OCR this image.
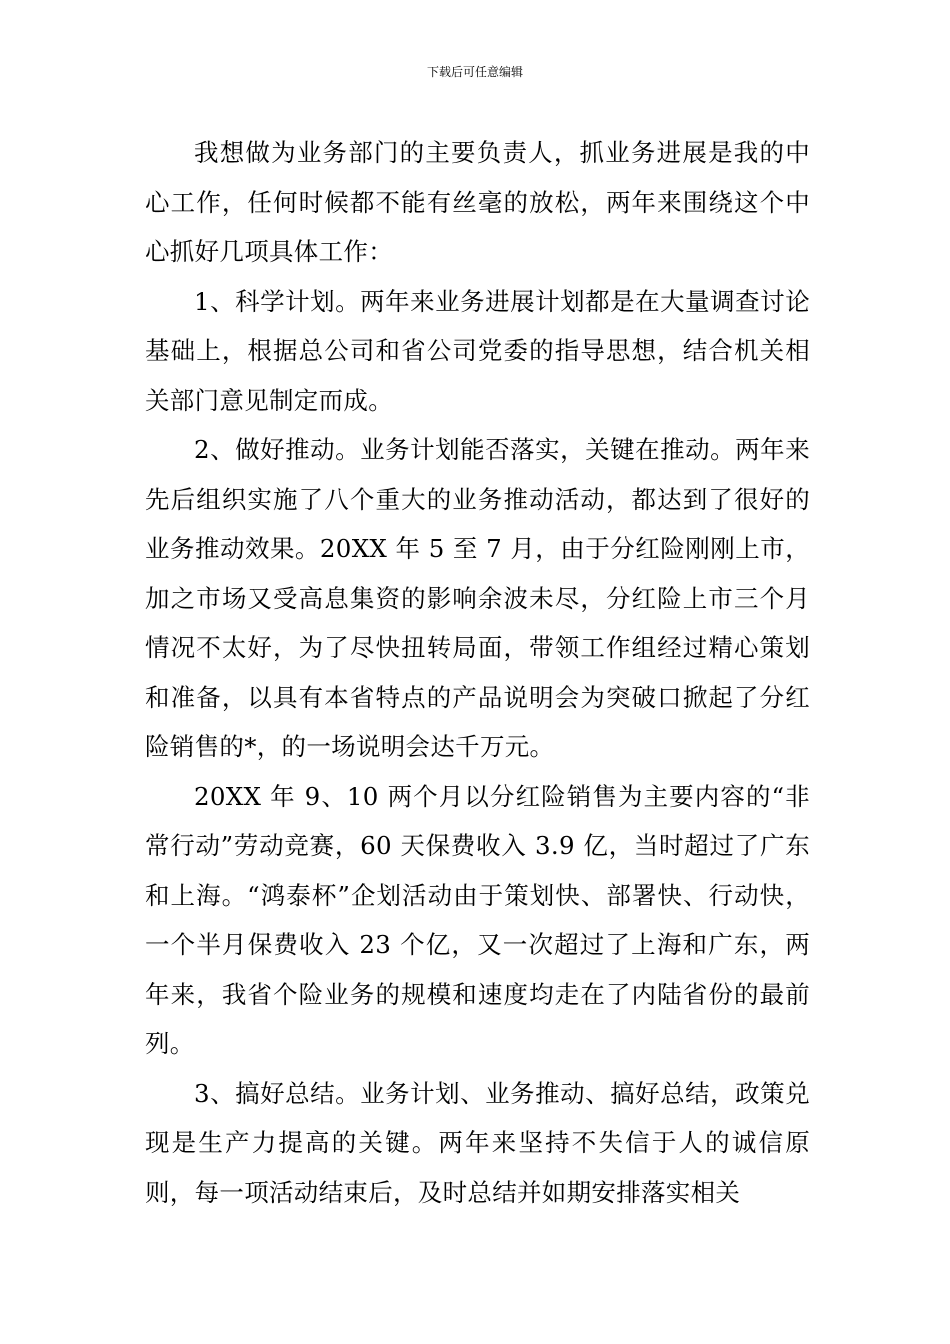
下载后可任意编辑

我想做为业务部门的主要负责人，抓业务进展是我的中心工作，任何时候都不能有丝毫的放松，两年来围绕这个中心抓好几项具体工作：

1、科学计划。两年来业务进展计划都是在大量调查讨论基础上，根据总公司和省公司党委的指导思想，结合机关相关部门意见制定而成。

2、做好推动。业务计划能否落实，关键在推动。两年来先后组织实施了八个重大的业务推动活动，都达到了很好的业务推动效果。20XX 年 5 至 7 月，由于分红险刚刚上市，加之市场又受高息集资的影响余波未尽，分红险上市三个月情况不太好，为了尽快扭转局面，带领工作组经过精心策划和准备，以具有本省特点的产品说明会为突破口掀起了分红险销售的*，的一场说明会达千万元。

20XX 年 9、10 两个月以分红险销售为主要内容的“非常行动”劳动竞赛，60 天保费收入 3.9 亿，当时超过了广东和上海。“鸿泰杯”企划活动由于策划快、部署快、行动快，一个半月保费收入 23 个亿，又一次超过了上海和广东，两年来，我省个险业务的规模和速度均走在了内陆省份的最前列。

3、搞好总结。业务计划、业务推动、搞好总结，政策兑现是生产力提高的关键。两年来坚持不失信于人的诚信原则，每一项活动结束后，及时总结并如期安排落实相关
